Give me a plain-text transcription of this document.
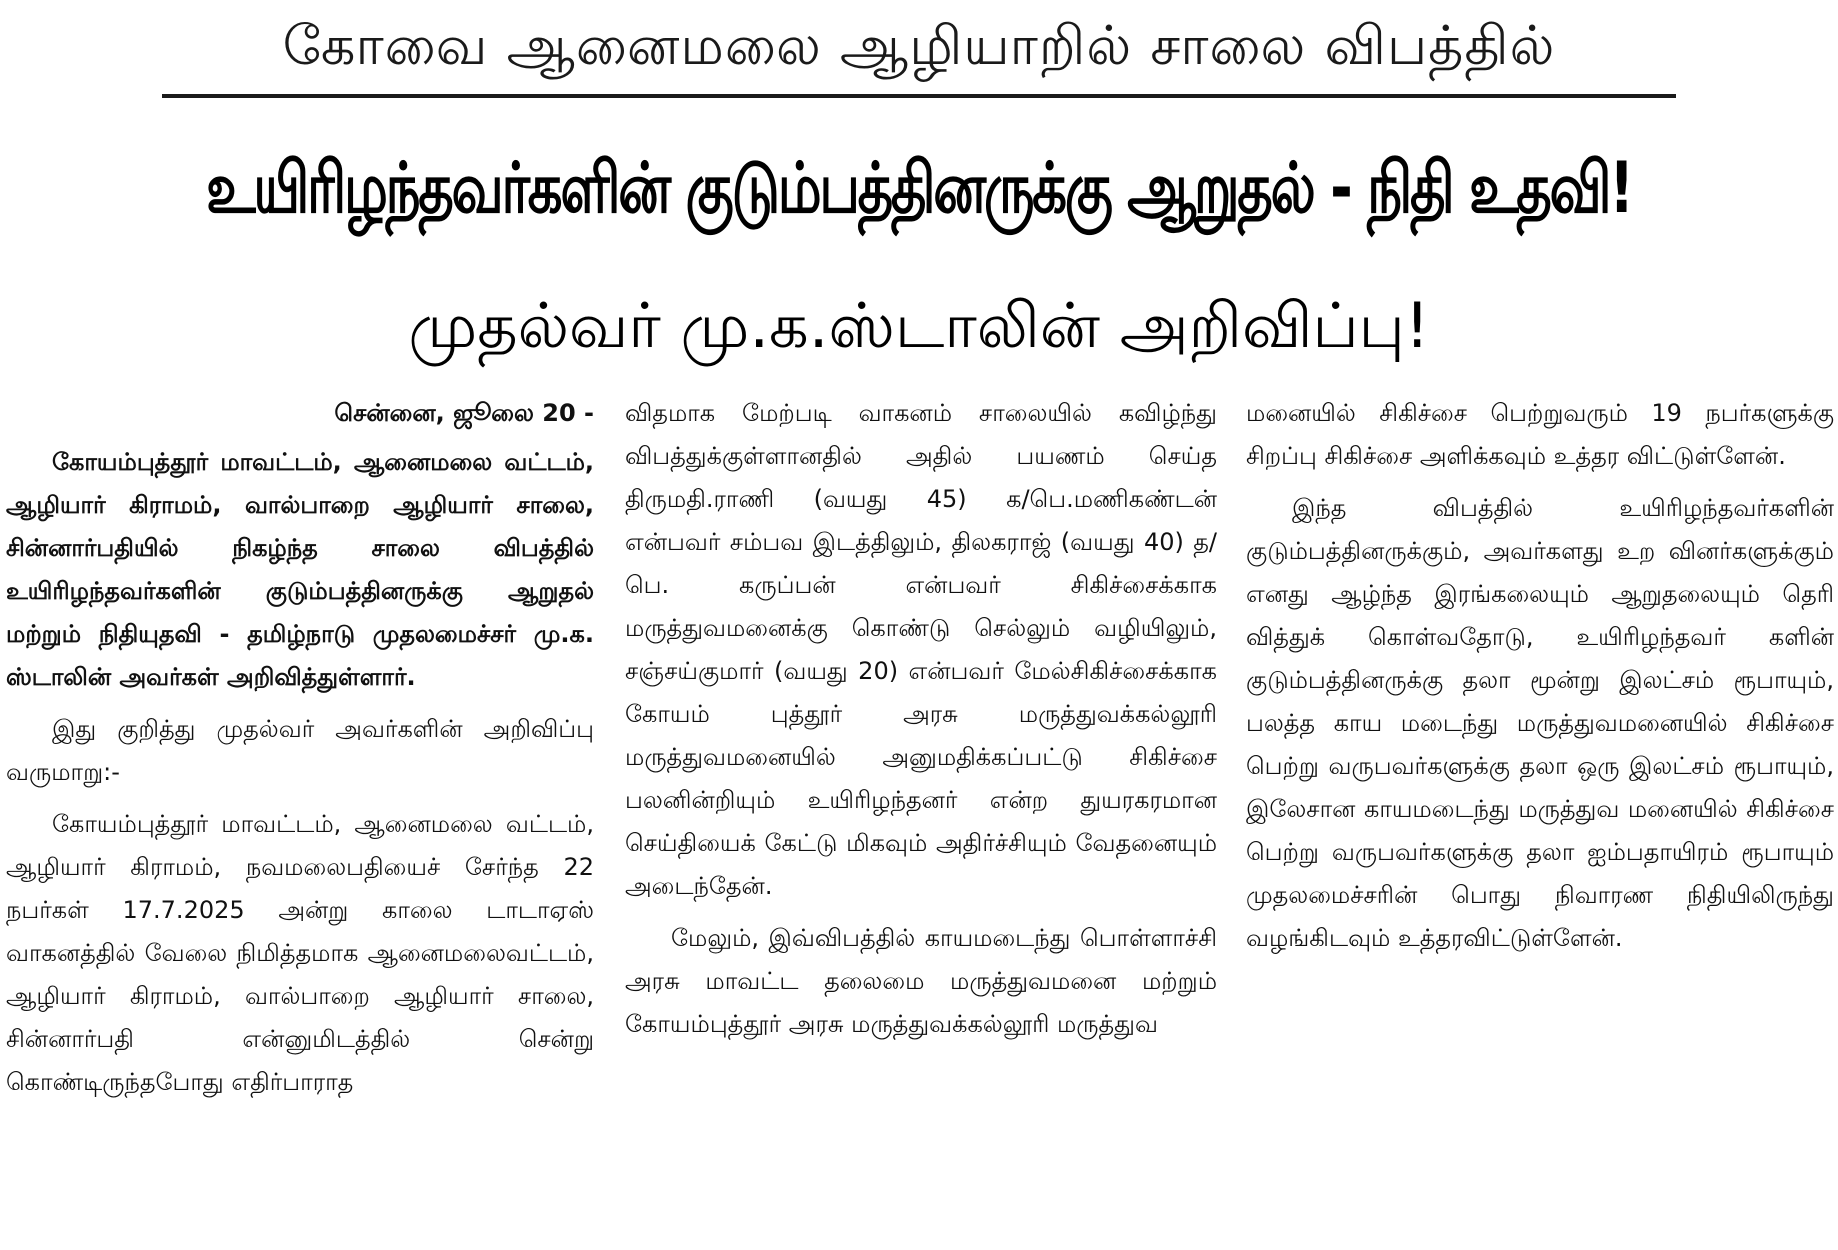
கோவை ஆனைமலை ஆழியாறில் சாலை விபத்தில்
உயிரிழந்தவர்களின் குடும்பத்தினருக்கு ஆறுதல் - நிதி உதவி!
முதல்வர் மு.க.ஸ்டாலின் அறிவிப்பு!
சென்னை, ஜூலை 20 -

கோயம்புத்தூர் மாவட்டம், ஆனைமலை வட்டம், ஆழியார் கிராமம், வால்பாறை ஆழியார் சாலை, சின்னார்பதியில் நிகழ்ந்த சாலை விபத்தில் உயிரிழந்தவர்களின் குடும்பத்தினருக்கு ஆறுதல் மற்றும் நிதியுதவி - தமிழ்நாடு முதலமைச்சர் மு.க. ஸ்டாலின் அவர்கள் அறிவித்துள்ளார்.

இது குறித்து முதல்வர் அவர்களின் அறிவிப்பு வருமாறு:-

கோயம்புத்தூர் மாவட்டம், ஆனைமலை வட்டம், ஆழியார் கிராமம், நவமலைபதியைச் சேர்ந்த 22 நபர்கள் 17.7.2025 அன்று காலை டாடாஏஸ் வாகனத்தில் வேலை நிமித்தமாக ஆனைமலைவட்டம், ஆழியார் கிராமம், வால்பாறை ஆழியார் சாலை, சின்னார்பதி என்னுமிடத்தில் சென்று கொண்டிருந்தபோது எதிர்பாராத

விதமாக மேற்படி வாகனம் சாலையில் கவிழ்ந்து விபத்துக்குள்ளானதில் அதில் பயணம் செய்த திருமதி.ராணி (வயது 45) க/பெ.மணிகண்டன் என்பவர் சம்பவ இடத்திலும், திலகராஜ் (வயது 40) த/பெ. கருப்பன் என்பவர் சிகிச்சைக்காக மருத்துவமனைக்கு கொண்டு செல்லும் வழியிலும், சஞ்சய்குமார் (வயது 20) என்பவர் மேல்சிகிச்சைக்காக கோயம் புத்தூர் அரசு மருத்துவக்கல்லூரி மருத்துவமனையில் அனுமதிக்கப்பட்டு சிகிச்சை பலனின்றியும் உயிரிழந்தனர் என்ற துயரகரமான செய்தியைக் கேட்டு மிகவும் அதிர்ச்சியும் வேதனையும் அடைந்தேன்.

மேலும், இவ்விபத்தில் காயமடைந்து பொள்ளாச்சி அரசு மாவட்ட தலைமை மருத்துவமனை மற்றும் கோயம்புத்தூர் அரசு மருத்துவக்கல்லூரி மருத்துவ

மனையில் சிகிச்சை பெற்றுவரும் 19 நபர்களுக்கு சிறப்பு சிகிச்சை அளிக்கவும் உத்தர விட்டுள்ளேன்.

இந்த விபத்தில் உயிரிழந்தவர்களின் குடும்பத்தினருக்கும், அவர்களது உற வினர்களுக்கும் எனது ஆழ்ந்த இரங்கலையும் ஆறுதலையும் தெரி வித்துக் கொள்வதோடு, உயிரிழந்தவர் களின் குடும்பத்தினருக்கு தலா மூன்று இலட்சம் ரூபாயும், பலத்த காய மடைந்து மருத்துவமனையில் சிகிச்சை பெற்று வருபவர்களுக்கு தலா ஒரு இலட்சம் ரூபாயும், இலேசான காயமடைந்து மருத்துவ மனையில் சிகிச்சை பெற்று வருபவர்களுக்கு தலா ஐம்பதாயிரம் ரூபாயும் முதலமைச்சரின் பொது நிவாரண நிதியிலிருந்து வழங்கிடவும் உத்தரவிட்டுள்ளேன்.
